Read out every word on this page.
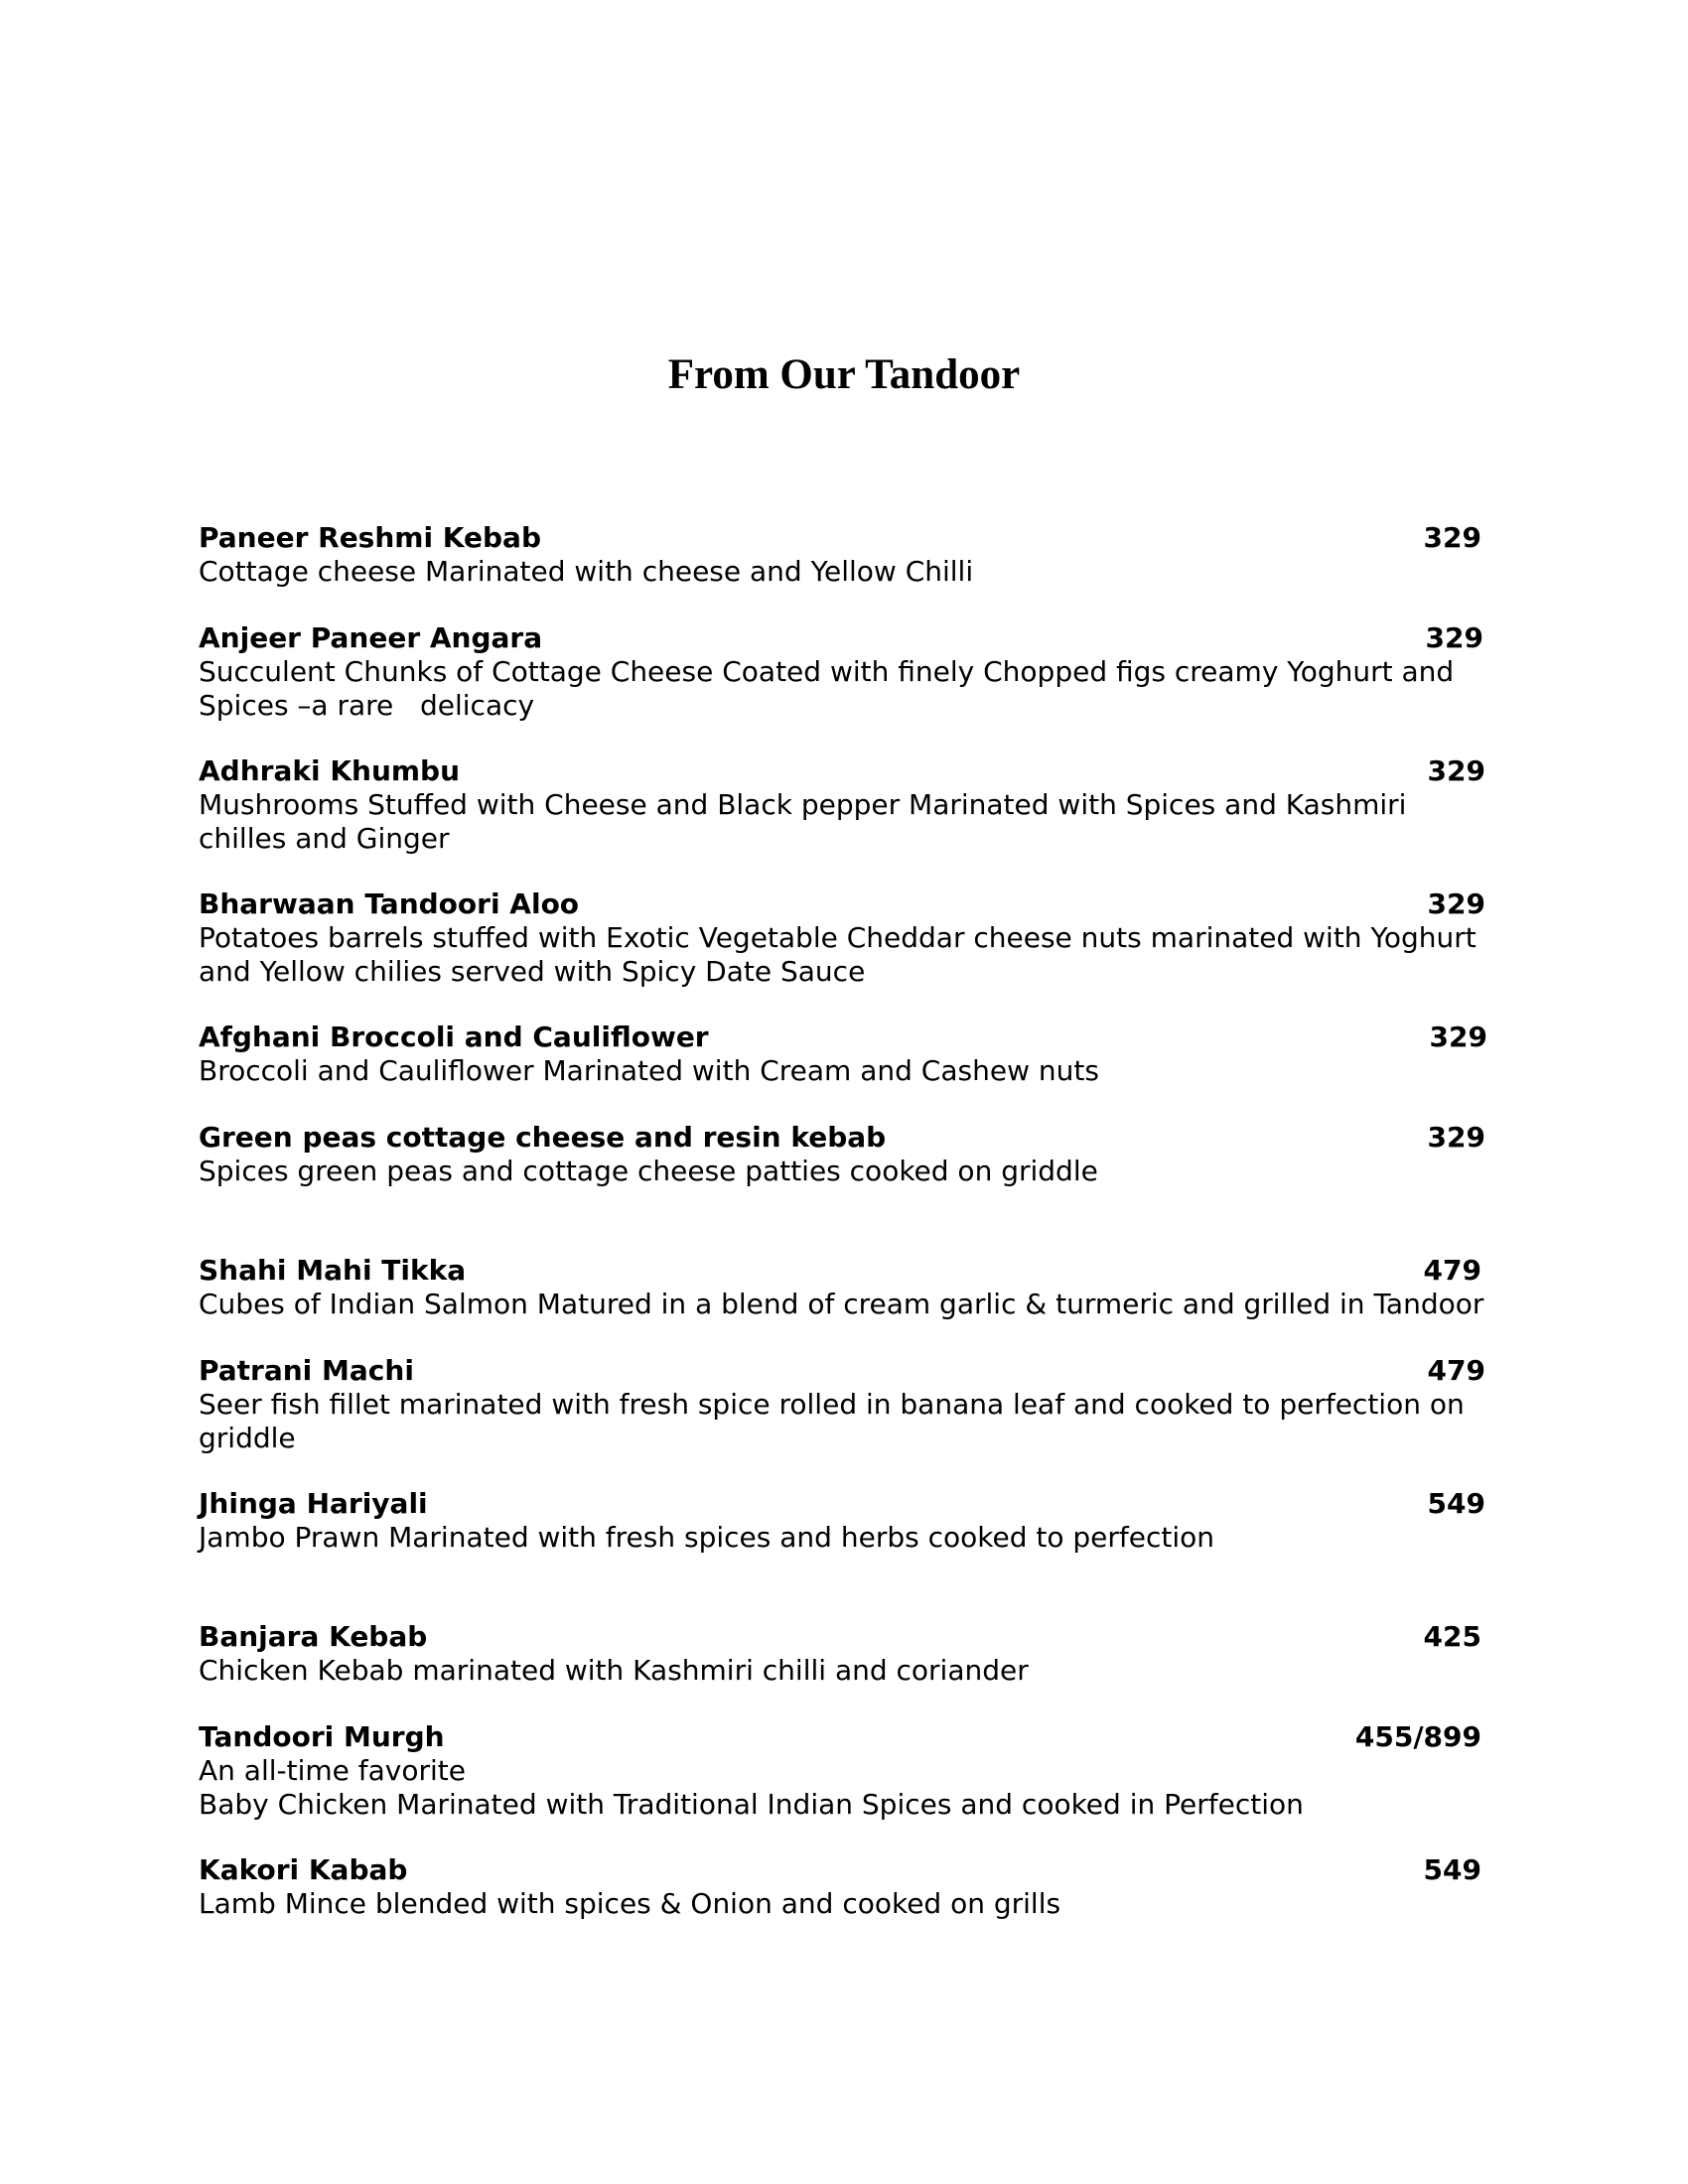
From Our Tandoor
Paneer Reshmi Kebab	329
Cottage cheese Marinated with cheese and Yellow Chilli
Anjeer Paneer Angara	329
Succulent Chunks of Cottage Cheese Coated with finely Chopped figs creamy Yoghurt and
Spices –a rare   delicacy
Adhraki Khumbu	329
Mushrooms Stuffed with Cheese and Black pepper Marinated with Spices and Kashmiri
chilles and Ginger
Bharwaan Tandoori Aloo	329
Potatoes barrels stuffed with Exotic Vegetable Cheddar cheese nuts marinated with Yoghurt
and Yellow chilies served with Spicy Date Sauce
Afghani Broccoli and Cauliflower	329
Broccoli and Cauliflower Marinated with Cream and Cashew nuts
Green peas cottage cheese and resin kebab	329
Spices green peas and cottage cheese patties cooked on griddle
Shahi Mahi Tikka	479
Cubes of Indian Salmon Matured in a blend of cream garlic & turmeric and grilled in Tandoor
Patrani Machi	479
Seer fish fillet marinated with fresh spice rolled in banana leaf and cooked to perfection on
griddle
Jhinga Hariyali	549
Jambo Prawn Marinated with fresh spices and herbs cooked to perfection
Banjara Kebab	425
Chicken Kebab marinated with Kashmiri chilli and coriander
Tandoori Murgh	455/899
An all-time favorite
Baby Chicken Marinated with Traditional Indian Spices and cooked in Perfection
Kakori Kabab	549
Lamb Mince blended with spices & Onion and cooked on grills
